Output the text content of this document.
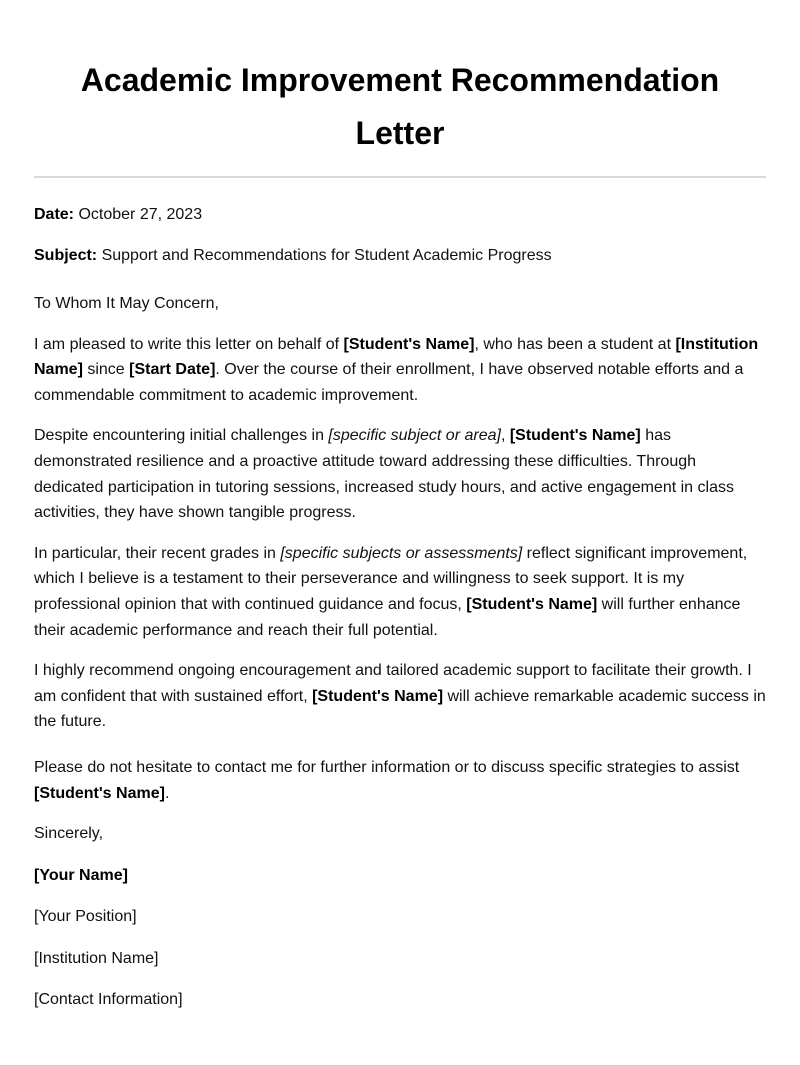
Academic Improvement Recommendation Letter

Date: October 27, 2023

Subject: Support and Recommendations for Student Academic Progress

To Whom It May Concern,

I am pleased to write this letter on behalf of [Student's Name], who has been a student at [Institution Name] since [Start Date]. Over the course of their enrollment, I have observed notable efforts and a commendable commitment to academic improvement.

Despite encountering initial challenges in [specific subject or area], [Student's Name] has demonstrated resilience and a proactive attitude toward addressing these difficulties. Through dedicated participation in tutoring sessions, increased study hours, and active engagement in class activities, they have shown tangible progress.

In particular, their recent grades in [specific subjects or assessments] reflect significant improvement, which I believe is a testament to their perseverance and willingness to seek support. It is my professional opinion that with continued guidance and focus, [Student's Name] will further enhance their academic performance and reach their full potential.

I highly recommend ongoing encouragement and tailored academic support to facilitate their growth. I am confident that with sustained effort, [Student's Name] will achieve remarkable academic success in the future.

Please do not hesitate to contact me for further information or to discuss specific strategies to assist [Student's Name].

Sincerely,

[Your Name]

[Your Position]

[Institution Name]

[Contact Information]
